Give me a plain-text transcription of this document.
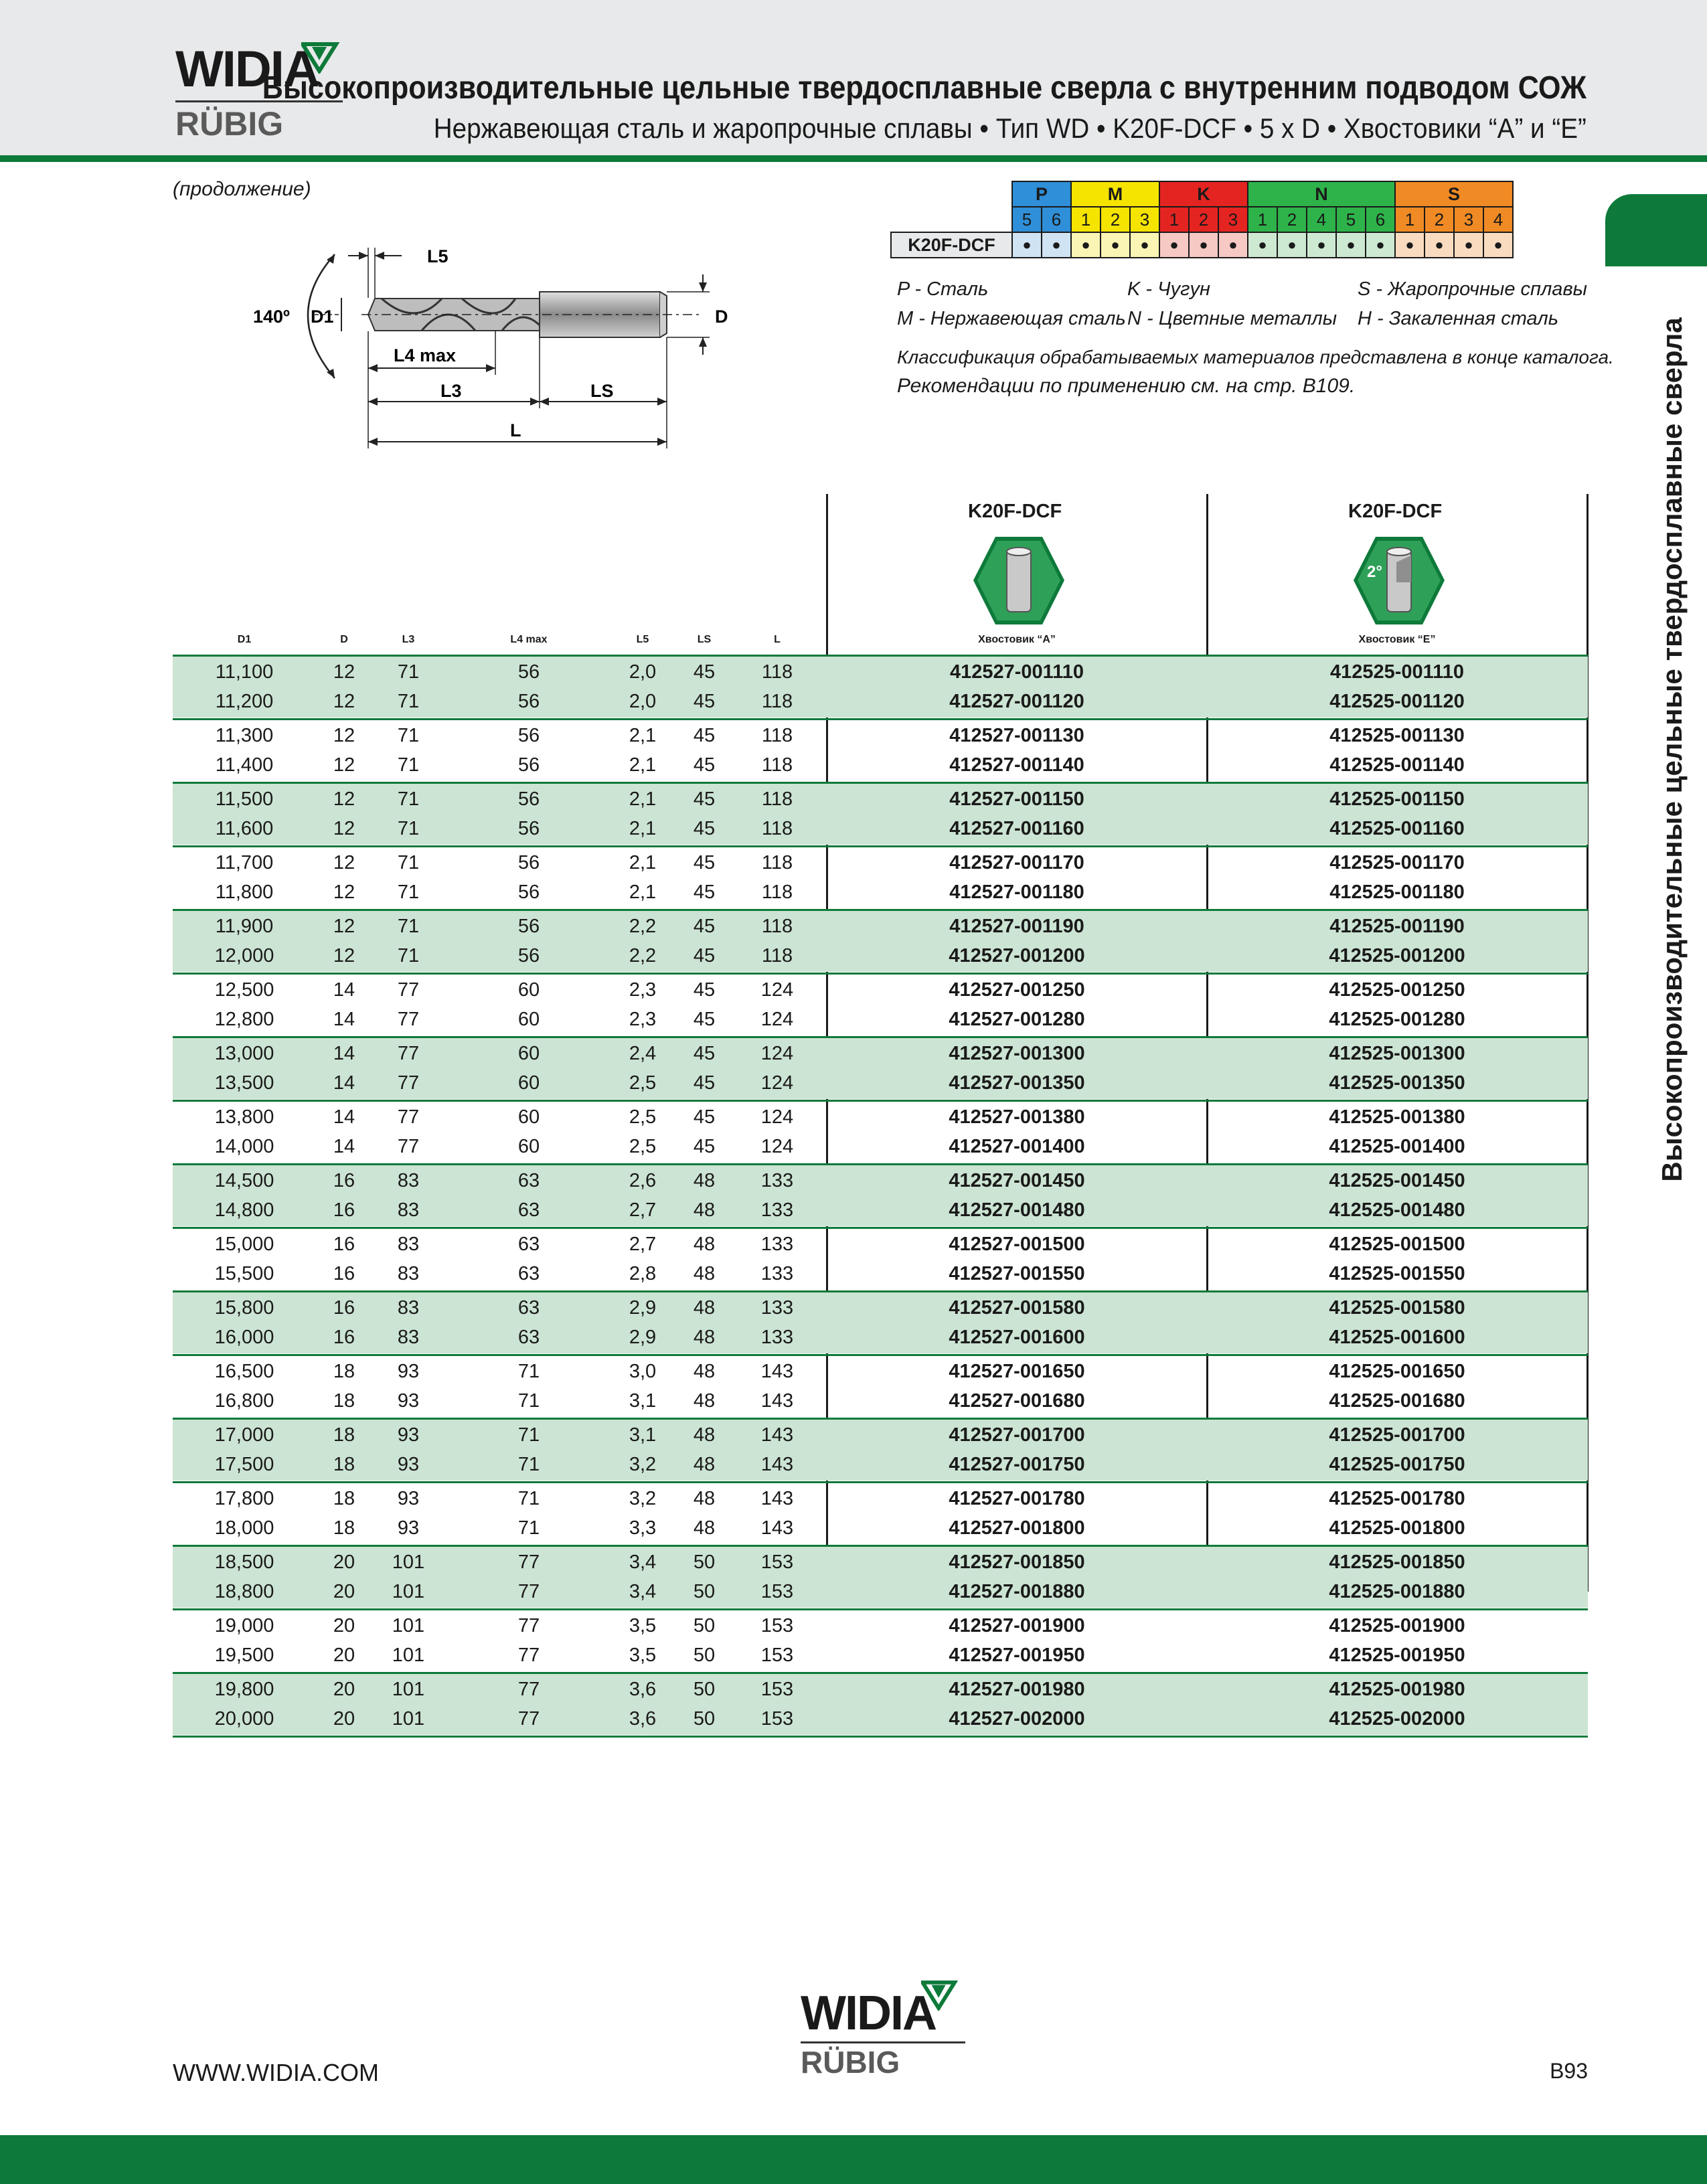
WIDIA
RÜBIG
Высокопроизводительные цельные твердосплавные сверла с внутренним подводом СОЖ
Нержавеющая сталь и жаропрочные сплавы • Тип WD • K20F-DCF • 5 x D • Хвостовики “A” и “E”
(продолжение)
Высокопроизводительные цельные твердосплавные сверла
140º D1	D
L5
L4 max
L3	LS
L
	P		M			K			N					S			
	5	6	1	2	3	1	2	3	1	2	4	5	6	1	2	3	4
K20F-DCF	●	●	●	●	●	●	●	●	●	●	●	●	●	●	●	●	●
P - Сталь
M - Нержавеющая сталь
K - Чугун
N - Цветные металлы
S - Жаропрочные сплавы
H - Закаленная сталь
Классификация обрабатываемых материалов представлена в конце каталога.
Рекомендации по применению см. на стр. B109.
K20F-DCF	K20F-DCF
2°
D1	D	L3	L4 max	L5	LS	L	Хвостовик “A”	Хвостовик “E”
11,100	12	71	56	2,0	45	118	412527-001110	412525-001110
11,200	12	71	56	2,0	45	118	412527-001120	412525-001120
11,300	12	71	56	2,1	45	118	412527-001130	412525-001130
11,400	12	71	56	2,1	45	118	412527-001140	412525-001140
11,500	12	71	56	2,1	45	118	412527-001150	412525-001150
11,600	12	71	56	2,1	45	118	412527-001160	412525-001160
11,700	12	71	56	2,1	45	118	412527-001170	412525-001170
11,800	12	71	56	2,1	45	118	412527-001180	412525-001180
11,900	12	71	56	2,2	45	118	412527-001190	412525-001190
12,000	12	71	56	2,2	45	118	412527-001200	412525-001200
12,500	14	77	60	2,3	45	124	412527-001250	412525-001250
12,800	14	77	60	2,3	45	124	412527-001280	412525-001280
13,000	14	77	60	2,4	45	124	412527-001300	412525-001300
13,500	14	77	60	2,5	45	124	412527-001350	412525-001350
13,800	14	77	60	2,5	45	124	412527-001380	412525-001380
14,000	14	77	60	2,5	45	124	412527-001400	412525-001400
14,500	16	83	63	2,6	48	133	412527-001450	412525-001450
14,800	16	83	63	2,7	48	133	412527-001480	412525-001480
15,000	16	83	63	2,7	48	133	412527-001500	412525-001500
15,500	16	83	63	2,8	48	133	412527-001550	412525-001550
15,800	16	83	63	2,9	48	133	412527-001580	412525-001580
16,000	16	83	63	2,9	48	133	412527-001600	412525-001600
16,500	18	93	71	3,0	48	143	412527-001650	412525-001650
16,800	18	93	71	3,1	48	143	412527-001680	412525-001680
17,000	18	93	71	3,1	48	143	412527-001700	412525-001700
17,500	18	93	71	3,2	48	143	412527-001750	412525-001750
17,800	18	93	71	3,2	48	143	412527-001780	412525-001780
18,000	18	93	71	3,3	48	143	412527-001800	412525-001800
18,500	20	101	77	3,4	50	153	412527-001850	412525-001850
18,800	20	101	77	3,4	50	153	412527-001880	412525-001880
19,000	20	101	77	3,5	50	153	412527-001900	412525-001900
19,500	20	101	77	3,5	50	153	412527-001950	412525-001950
19,800	20	101	77	3,6	50	153	412527-001980	412525-001980
20,000	20	101	77	3,6	50	153	412527-002000	412525-002000
WWW.WIDIA.COM
WIDIA
RÜBIG	B93
